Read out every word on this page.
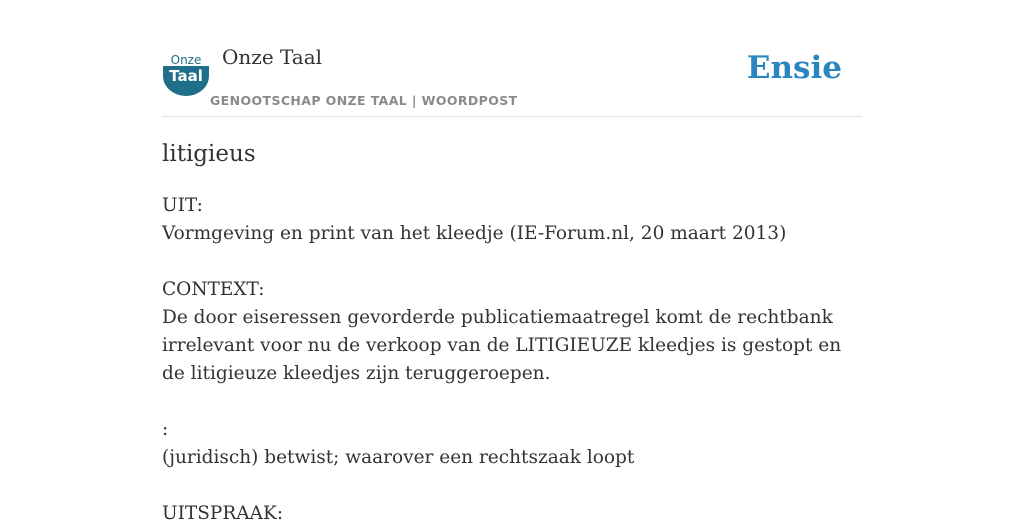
Onze
Taal
Onze Taal
GENOOTSCHAP ONZE TAAL | WOORDPOST
Ensie
litigieus

UIT:
Vormgeving en print van het kleedje (IE-Forum.nl, 20 maart 2013)

CONTEXT:
De door eiseressen gevorderde publicatiemaatregel komt de rechtbank irrelevant voor nu de verkoop van de LITIGIEUZE kleedjes is gestopt en de litigieuze kleedjes zijn teruggeroepen.

:
(juridisch) betwist; waarover een rechtszaak loopt

UITSPRAAK:
